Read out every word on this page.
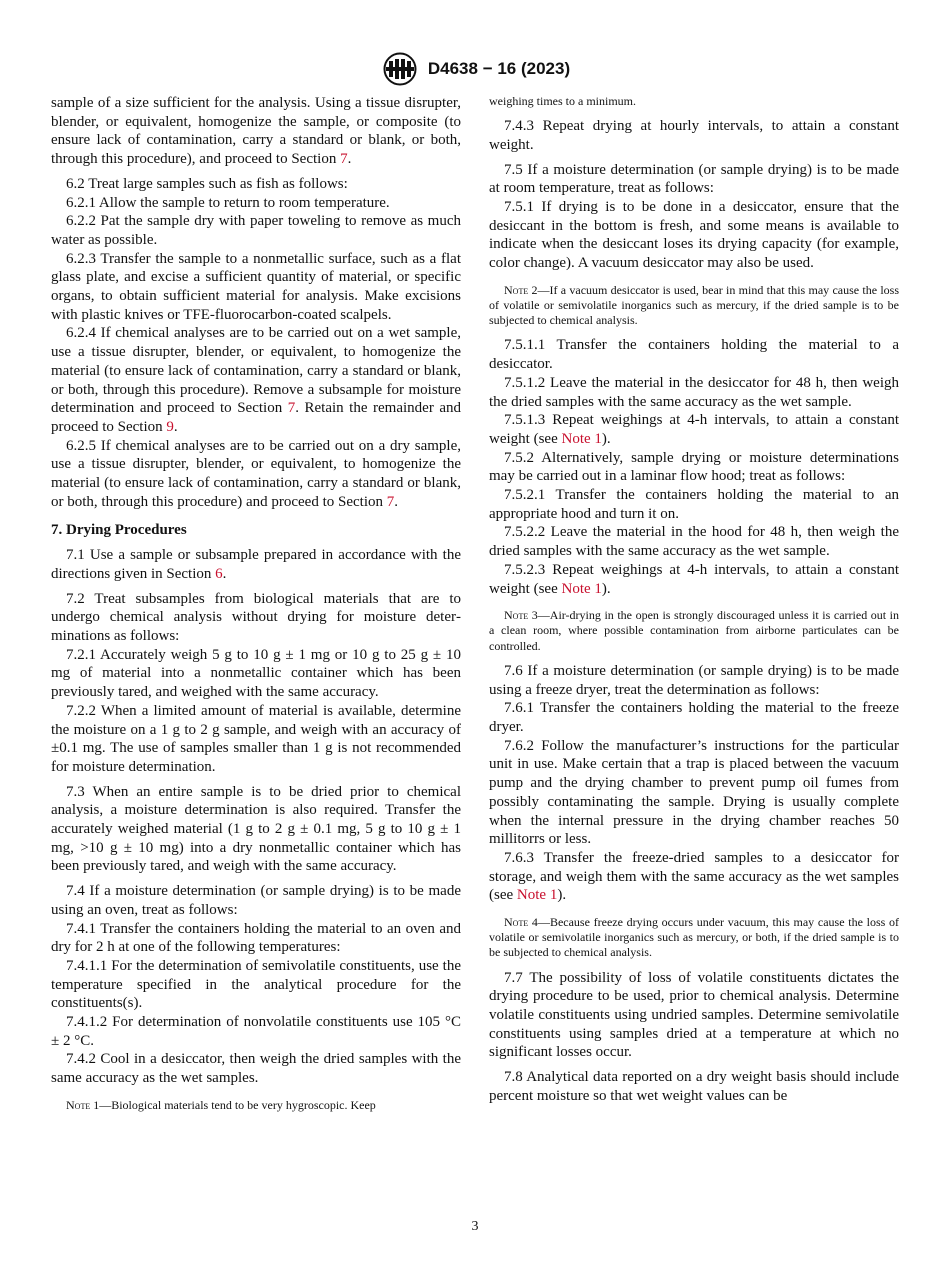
D4638 − 16 (2023)

sample of a size sufficient for the analysis. Using a tissue disrupter, blender, or equivalent, homogenize the sample, or composite (to ensure lack of contamination, carry a standard or blank, or both, through this procedure), and proceed to Section 7.

6.2 Treat large samples such as fish as follows:

6.2.1 Allow the sample to return to room temperature.

6.2.2 Pat the sample dry with paper toweling to remove as much water as possible.

6.2.3 Transfer the sample to a nonmetallic surface, such as a flat glass plate, and excise a sufficient quantity of material, or specific organs, to obtain sufficient material for analysis. Make excisions with plastic knives or TFE-fluorocarbon-coated scalpels.

6.2.4 If chemical analyses are to be carried out on a wet sample, use a tissue disrupter, blender, or equivalent, to homogenize the material (to ensure lack of contamination, carry a standard or blank, or both, through this procedure). Remove a subsample for moisture determination and proceed to Section 7. Retain the remainder and proceed to Section 9.

6.2.5 If chemical analyses are to be carried out on a dry sample, use a tissue disrupter, blender, or equivalent, to homogenize the material (to ensure lack of contamination, carry a standard or blank, or both, through this procedure) and proceed to Section 7.

7. Drying Procedures

7.1 Use a sample or subsample prepared in accordance with the directions given in Section 6.

7.2 Treat subsamples from biological materials that are to undergo chemical analysis without drying for moisture determinations as follows:

7.2.1 Accurately weigh 5 g to 10 g ± 1 mg or 10 g to 25 g ± 10 mg of material into a nonmetallic container which has been previously tared, and weighed with the same accuracy.

7.2.2 When a limited amount of material is available, determine the moisture on a 1 g to 2 g sample, and weigh with an accuracy of ±0.1 mg. The use of samples smaller than 1 g is not recommended for moisture determination.

7.3 When an entire sample is to be dried prior to chemical analysis, a moisture determination is also required. Transfer the accurately weighed material (1 g to 2 g ± 0.1 mg, 5 g to 10 g ± 1 mg, >10 g ± 10 mg) into a dry nonmetallic container which has been previously tared, and weigh with the same accuracy.

7.4 If a moisture determination (or sample drying) is to be made using an oven, treat as follows:

7.4.1 Transfer the containers holding the material to an oven and dry for 2 h at one of the following temperatures:

7.4.1.1 For the determination of semivolatile constituents, use the temperature specified in the analytical procedure for the constituents(s).

7.4.1.2 For determination of nonvolatile constituents use 105 °C ± 2 °C.

7.4.2 Cool in a desiccator, then weigh the dried samples with the same accuracy as the wet samples.

Note 1—Biological materials tend to be very hygroscopic. Keep

weighing times to a minimum.

7.4.3 Repeat drying at hourly intervals, to attain a constant weight.

7.5 If a moisture determination (or sample drying) is to be made at room temperature, treat as follows:

7.5.1 If drying is to be done in a desiccator, ensure that the desiccant in the bottom is fresh, and some means is available to indicate when the desiccant loses its drying capacity (for example, color change). A vacuum desiccator may also be used.

Note 2—If a vacuum desiccator is used, bear in mind that this may cause the loss of volatile or semivolatile inorganics such as mercury, if the dried sample is to be subjected to chemical analysis.

7.5.1.1 Transfer the containers holding the material to a desiccator.

7.5.1.2 Leave the material in the desiccator for 48 h, then weigh the dried samples with the same accuracy as the wet sample.

7.5.1.3 Repeat weighings at 4-h intervals, to attain a constant weight (see Note 1).

7.5.2 Alternatively, sample drying or moisture determinations may be carried out in a laminar flow hood; treat as follows:

7.5.2.1 Transfer the containers holding the material to an appropriate hood and turn it on.

7.5.2.2 Leave the material in the hood for 48 h, then weigh the dried samples with the same accuracy as the wet sample.

7.5.2.3 Repeat weighings at 4-h intervals, to attain a constant weight (see Note 1).

Note 3—Air-drying in the open is strongly discouraged unless it is carried out in a clean room, where possible contamination from airborne particulates can be controlled.

7.6 If a moisture determination (or sample drying) is to be made using a freeze dryer, treat the determination as follows:

7.6.1 Transfer the containers holding the material to the freeze dryer.

7.6.2 Follow the manufacturer’s instructions for the particular unit in use. Make certain that a trap is placed between the vacuum pump and the drying chamber to prevent pump oil fumes from possibly contaminating the sample. Drying is usually complete when the internal pressure in the drying chamber reaches 50 millitorrs or less.

7.6.3 Transfer the freeze-dried samples to a desiccator for storage, and weigh them with the same accuracy as the wet samples (see Note 1).

Note 4—Because freeze drying occurs under vacuum, this may cause the loss of volatile or semivolatile inorganics such as mercury, or both, if the dried sample is to be subjected to chemical analysis.

7.7 The possibility of loss of volatile constituents dictates the drying procedure to be used, prior to chemical analysis. Determine volatile constituents using undried samples. Determine semivolatile constituents using samples dried at a temperature at which no significant losses occur.

7.8 Analytical data reported on a dry weight basis should include percent moisture so that wet weight values can be

3
